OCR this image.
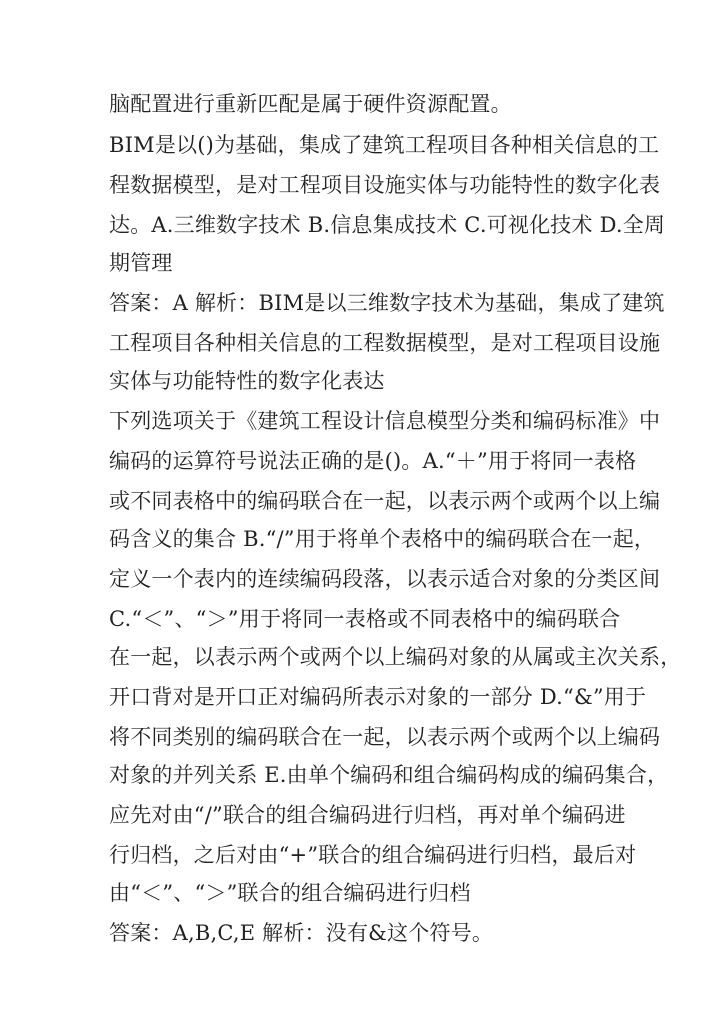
脑配置进行重新匹配是属于硬件资源配置。
BIM是以()为基础，集成了建筑工程项目各种相关信息的工
程数据模型，是对工程项目设施实体与功能特性的数字化表
达。A.三维数字技术 B.信息集成技术 C.可视化技术 D.全周
期管理
答案：A 解析：BIM是以三维数字技术为基础，集成了建筑
工程项目各种相关信息的工程数据模型，是对工程项目设施
实体与功能特性的数字化表达
下列选项关于《建筑工程设计信息模型分类和编码标准》中
编码的运算符号说法正确的是()。A.“＋”用于将同一表格
或不同表格中的编码联合在一起，以表示两个或两个以上编
码含义的集合 B.“/”用于将单个表格中的编码联合在一起，
定义一个表内的连续编码段落，以表示适合对象的分类区间
C.“＜”、“＞”用于将同一表格或不同表格中的编码联合
在一起，以表示两个或两个以上编码对象的从属或主次关系，
开口背对是开口正对编码所表示对象的一部分 D.“&”用于
将不同类别的编码联合在一起，以表示两个或两个以上编码
对象的并列关系 E.由单个编码和组合编码构成的编码集合，
应先对由“/”联合的组合编码进行归档，再对单个编码进
行归档，之后对由“+”联合的组合编码进行归档，最后对
由“＜”、“＞”联合的组合编码进行归档
答案：A,B,C,E 解析：没有&这个符号。
